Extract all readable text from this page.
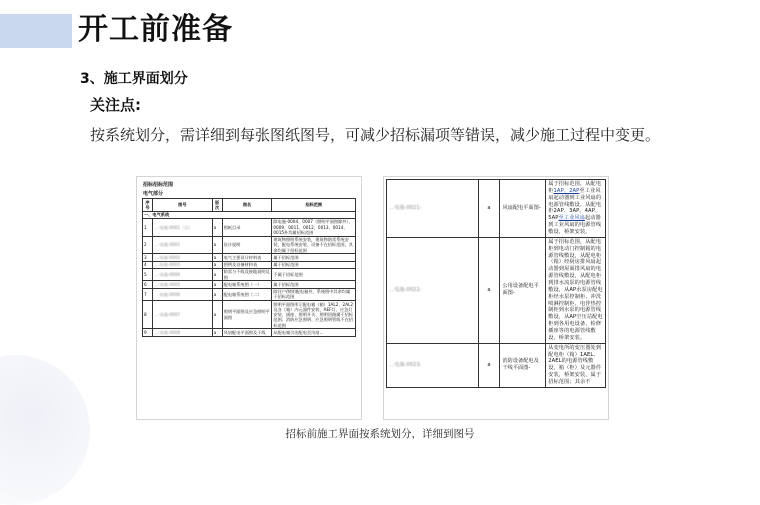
开工前准备
3、施工界面划分
关注点:
按系统划分，需详细到每张图纸图号，可减少招标漏项等错误，减少施工过程中变更。
招标招标范围
电气部分
序号	图号	版次	图名	招标范围
一、电气系统				
1	…·电施-0001（目）	a	图纸目录	除电施-0004、0007（照明平面图除外）、0009、0011、0012、0013、0014、0015外均属招标范围
2	…·电施-0001	a	设计说明	建筑物照明系统安装，建筑物防雷系统安装，配电系统安装、设备不在招标范围，其余均属于招标范围
3	…·电施-0002	a	电气主要设计材料表	属于招标范围
4	…·电施-0003	a	图例及设备材料表	属于招标范围
5	…·电施-0004	a	防雷与干线及接地说明及图	不属于招标范围
6	…·电施-0005	a	配电箱系统图（一）	属于招标范围
7	…·电施-0006	a	配电箱系统图（二）	除住户/照明配电箱外，系统图中其余均属于招标范围
8	…·电施-0007	a	照明平面图及应急照明平面图	照明平面图所示配电箱（箱）1AL2、2AL2及各（箱）内元器件安装，AEF灯、应急灯安装，插座、照明开关、照明回路属于招标范围；消防应急照明、应急照明管线不在招标范围
9	…·电施-0008	a	风扇配电平面图及干线	从配电箱引出配电至风扇…
…电施-0021-	a	风扇配电平面图-	属于招标范围，从配电柜1AP、2AP至工业风扇起动器到工业风扇的电源管线敷设，从配电柜2AP、3AP、4AP、5AP至工业风扇起动器到工业风扇的电源管线敷设，桥架安装。
…电施-0022-	a	公用设备配电平面图-	属于招标范围，从配电柜到电动门控制箱的电源管线敷设，从配电柜（箱）经厨房排风扇起动器到屋面排风扇的电源管线敷设，从配电柜到排水流泵的电源管线敷设，从AP水泵房配电柜经水泵控制柜、冲洗喷淋控制柜、电伴热控制柜到水泵的电源管线敷设，从AP空压站配电柜到各用电设备、检修插座等的电源管线敷设，桥架安装。
…电施-0023-	a	消防设备配电及干线平面图-	从变电所的变压器处到配电柜（箱）1AEL、2AEL的电源管线敷设，箱（柜）及元器件安装，桥架安装，属于招标范围；其余不
招标前施工界面按系统划分，详细到图号
